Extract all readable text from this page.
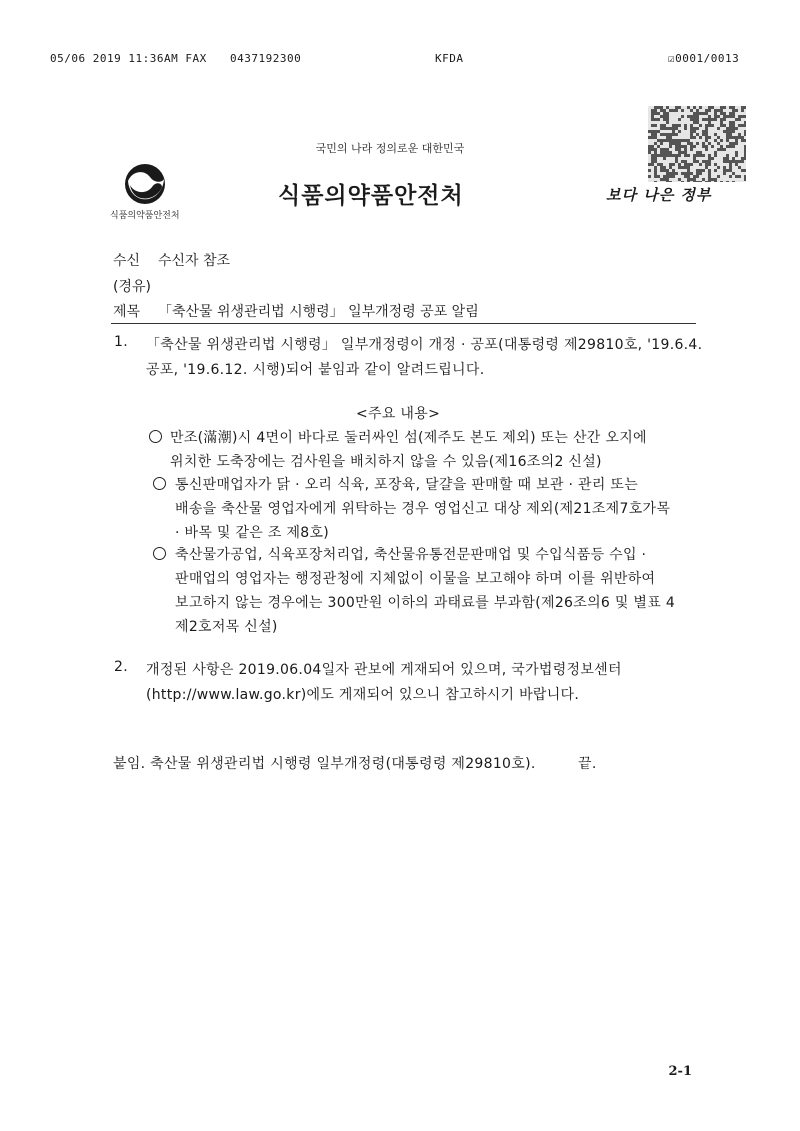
05/06 2019 11:36AM FAX 0437192300	KFDA	☑0001/0013
국민의 나라 정의로운 대한민국
식품의약품안전처
식품의약품안전처	보다 나은 정부
수신 수신자 참조
(경유)
제목 「축산물 위생관리법 시행령」 일부개정령 공포 알림
1. 「축산물 위생관리법 시행령」 일부개정령이 개정 · 공포(대통령령 제29810호, '19.6.4.
공포, '19.6.12. 시행)되어 붙임과 같이 알려드립니다.
<주요 내용>
만조(滿潮)시 4면이 바다로 둘러싸인 섬(제주도 본도 제외) 또는 산간 오지에
위치한 도축장에는 검사원을 배치하지 않을 수 있음(제16조의2 신설)
통신판매업자가 닭 · 오리 식육, 포장육, 달걀을 판매할 때 보관 · 관리 또는
배송을 축산물 영업자에게 위탁하는 경우 영업신고 대상 제외(제21조제7호가목
· 바목 및 같은 조 제8호)
축산물가공업, 식육포장처리업, 축산물유통전문판매업 및 수입식품등 수입 ·
판매업의 영업자는 행정관청에 지체없이 이물을 보고해야 하며 이를 위반하여
보고하지 않는 경우에는 300만원 이하의 과태료를 부과함(제26조의6 및 별표 4
제2호저목 신설)
2. 개정된 사항은 2019.06.04일자 관보에 게재되어 있으며, 국가법령정보센터
(http://www.law.go.kr)에도 게재되어 있으니 참고하시기 바랍니다.
붙임. 축산물 위생관리법 시행령 일부개정령(대통령령 제29810호).	끝.
2-1
